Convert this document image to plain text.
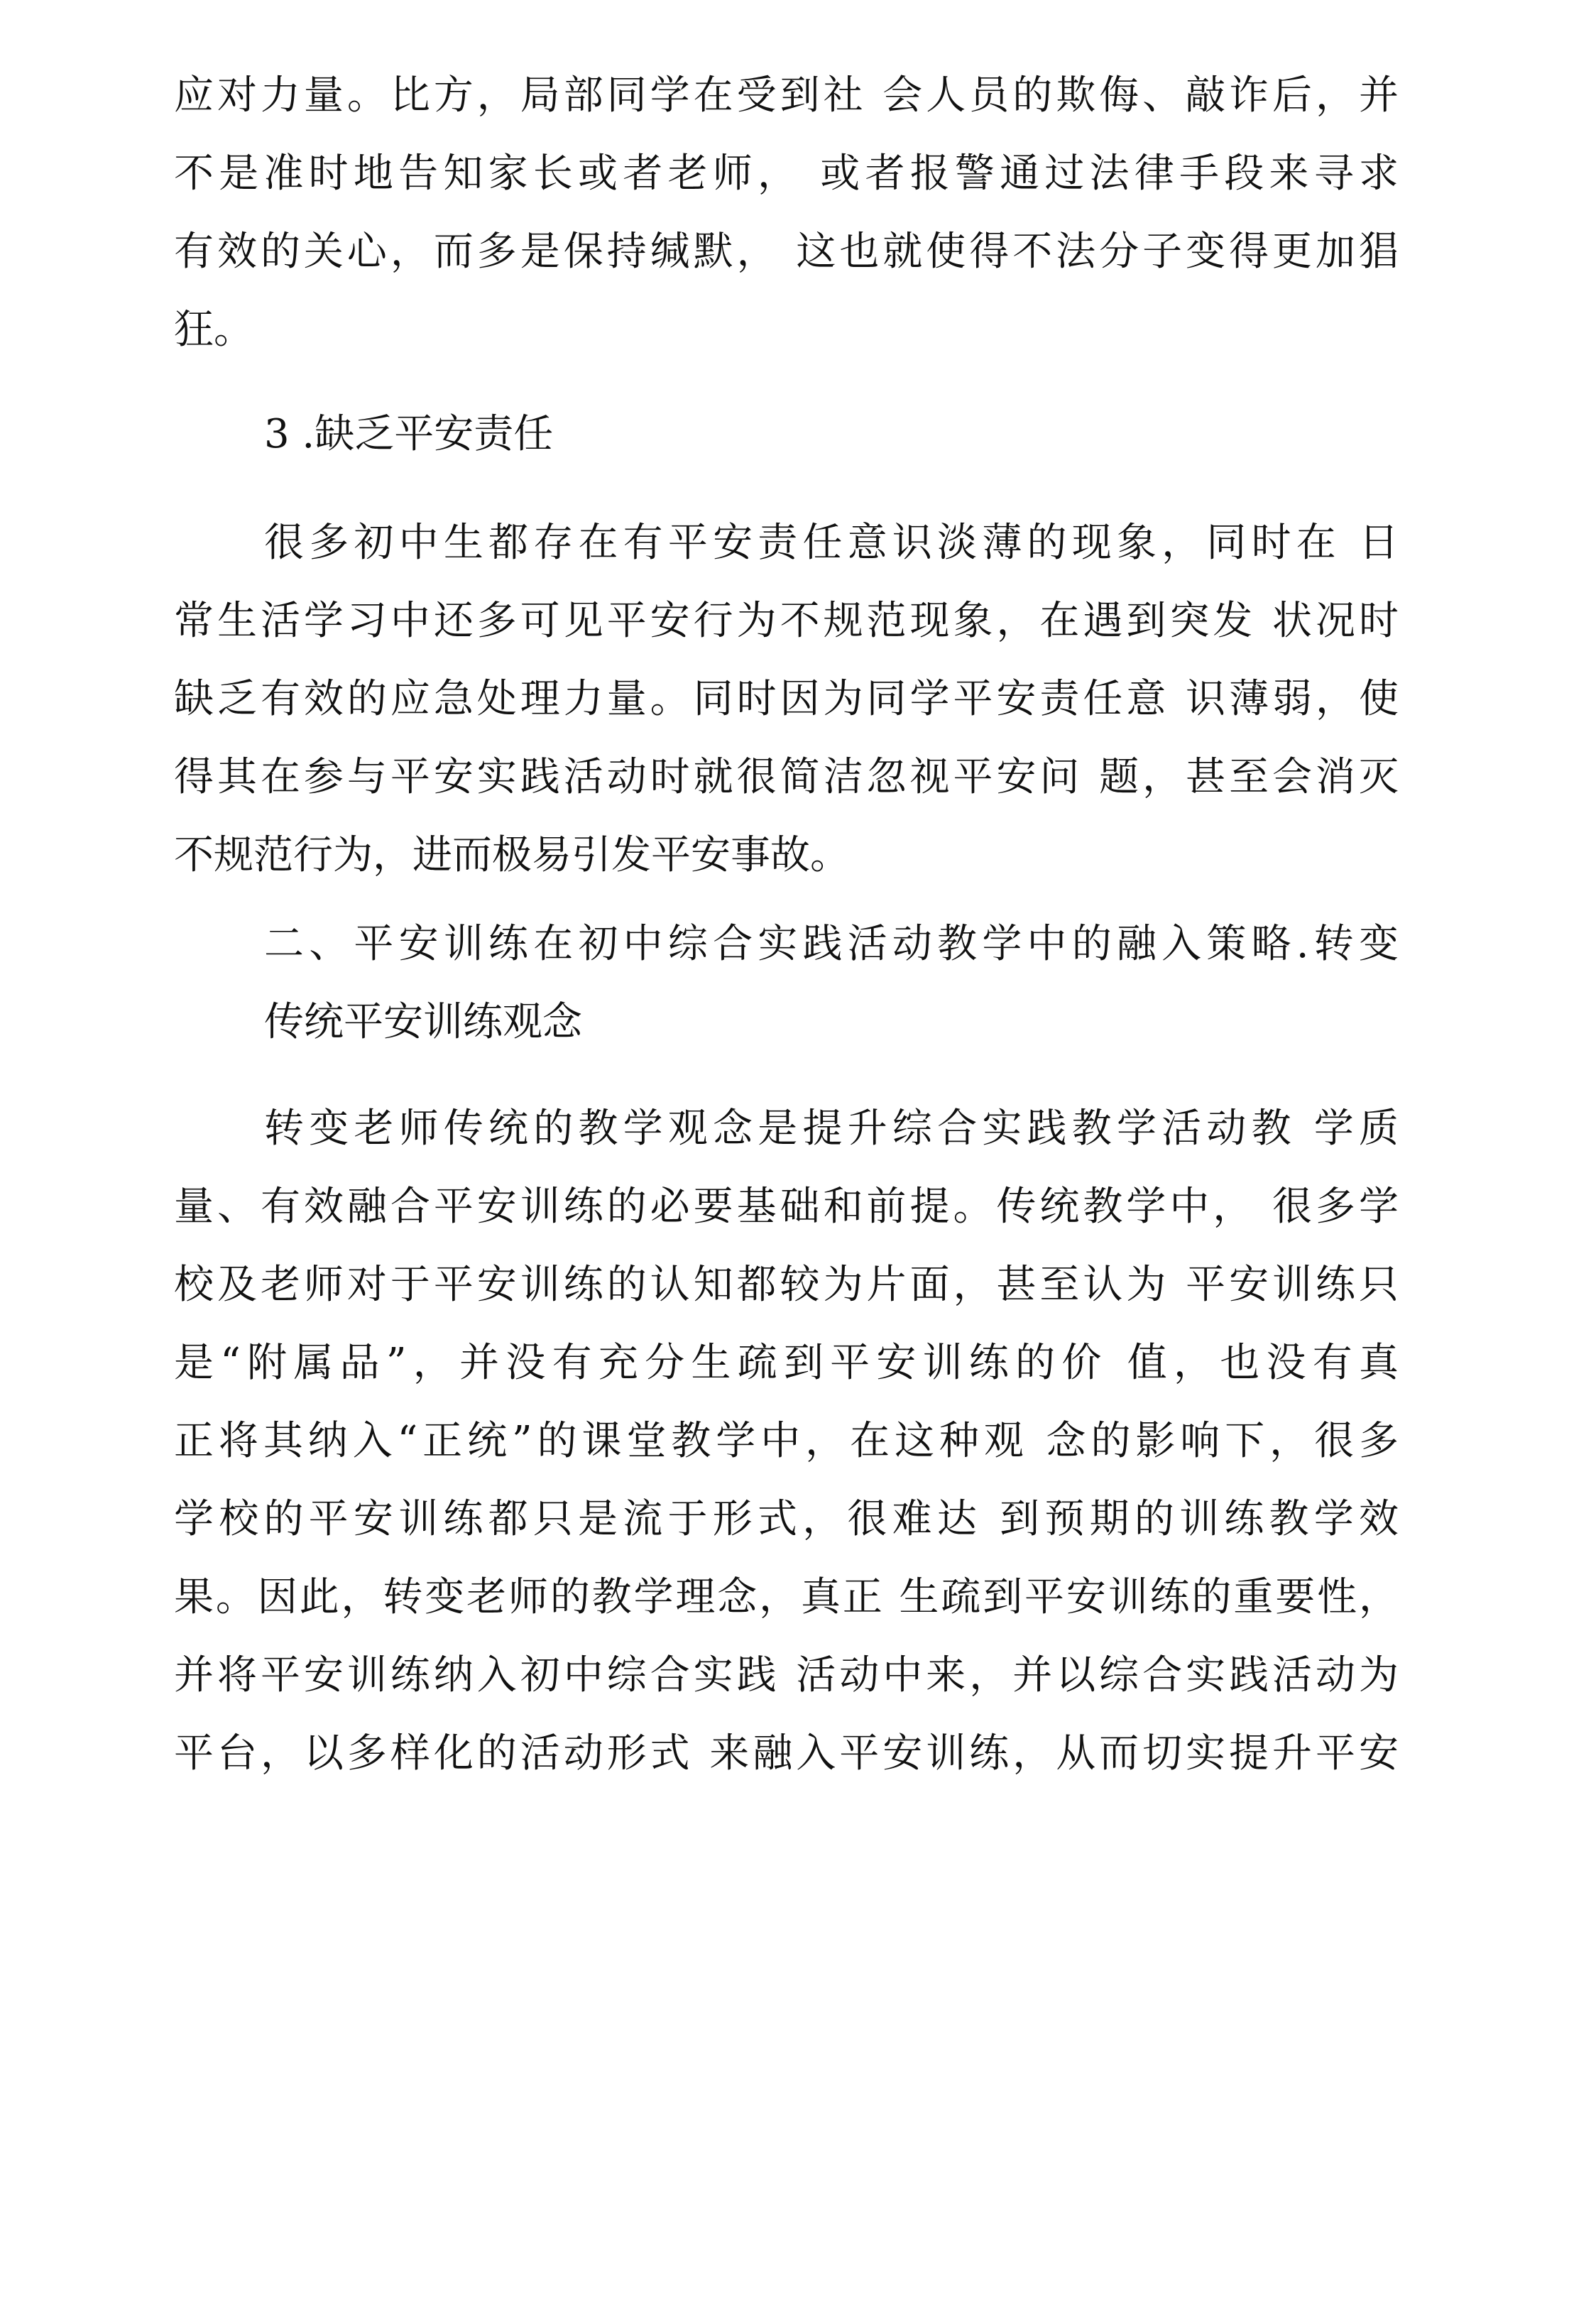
应对力量。比方，局部同学在受到社 会人员的欺侮、敲诈后，并
不是准时地告知家长或者老师， 或者报警通过法律手段来寻求
有效的关心，而多是保持缄默， 这也就使得不法分子变得更加猖
狂。
3 .缺乏平安责任
很多初中生都存在有平安责任意识淡薄的现象，同时在 日
常生活学习中还多可见平安行为不规范现象，在遇到突发 状况时
缺乏有效的应急处理力量。同时因为同学平安责任意 识薄弱，使
得其在参与平安实践活动时就很简洁忽视平安问 题，甚至会消灭
不规范行为，进而极易引发平安事故。
二、平安训练在初中综合实践活动教学中的融入策略.转变
传统平安训练观念
转变老师传统的教学观念是提升综合实践教学活动教 学质
量、有效融合平安训练的必要基础和前提。传统教学中， 很多学
校及老师对于平安训练的认知都较为片面，甚至认为 平安训练只
是“附属品”，并没有充分生疏到平安训练的价 值，也没有真
正将其纳入“正统”的课堂教学中，在这种观 念的影响下，很多
学校的平安训练都只是流于形式，很难达 到预期的训练教学效
果。因此，转变老师的教学理念，真正 生疏到平安训练的重要性，
并将平安训练纳入初中综合实践 活动中来，并以综合实践活动为
平台，以多样化的活动形式 来融入平安训练，从而切实提升平安
